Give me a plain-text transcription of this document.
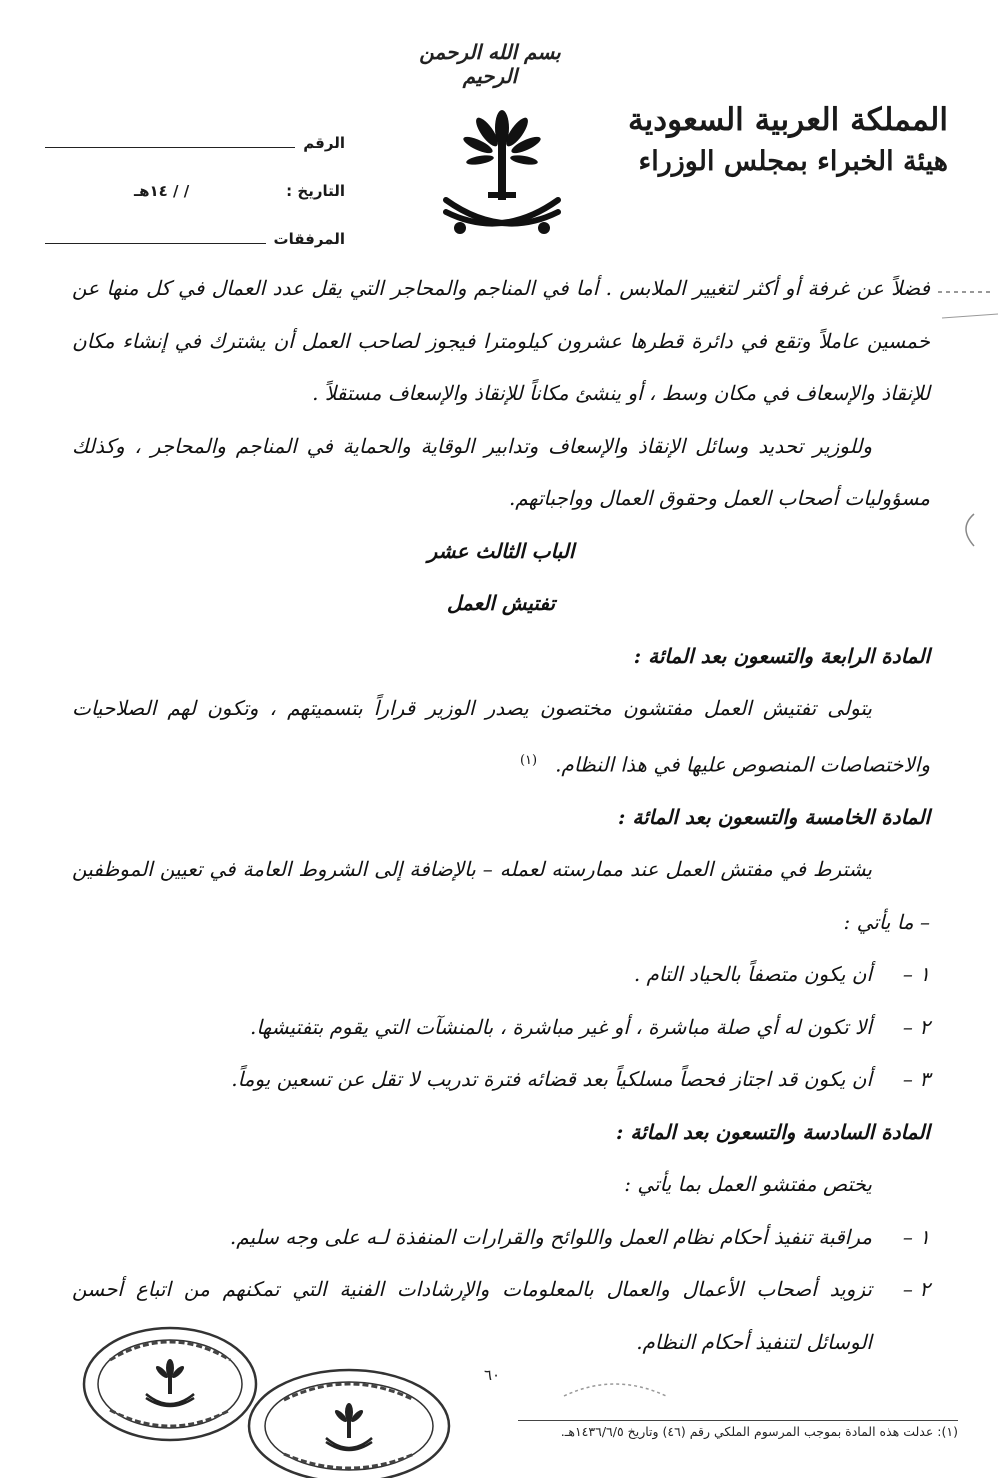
بسم الله الرحمن الرحيم
المملكة العربية السعودية
هيئة الخبراء بمجلس الوزراء
الرقم
التاريخ :
/ / ١٤هـ
المرفقات

فضلاً عن غرفة أو أكثر لتغيير الملابس . أما في المناجم والمحاجر التي يقل عدد العمال في كل منها عن خمسين عاملاً وتقع في دائرة قطرها عشرون كيلومترا فيجوز لصاحب العمل أن يشترك في إنشاء مكان للإنقاذ والإسعاف في مكان وسط ، أو ينشئ مكاناً للإنقاذ والإسعاف مستقلاً .

وللوزير تحديد وسائل الإنقاذ والإسعاف وتدابير الوقاية والحماية في المناجم والمحاجر ، وكذلك مسؤوليات أصحاب العمل وحقوق العمال وواجباتهم.

الباب الثالث عشر

تفتيش العمل

المادة الرابعة والتسعون بعد المائة :

يتولى تفتيش العمل مفتشون مختصون يصدر الوزير قراراً بتسميتهم ، وتكون لهم الصلاحيات والاختصاصات المنصوص عليها في هذا النظام.$^{(١)}$

المادة الخامسة والتسعون بعد المائة :

يشترط في مفتش العمل عند ممارسته لعمله – بالإضافة إلى الشروط العامة في تعيين الموظفين – ما يأتي :

١ –
أن يكون متصفاً بالحياد التام .
٢ –
ألا تكون له أي صلة مباشرة ، أو غير مباشرة ، بالمنشآت التي يقوم بتفتيشها.
٣ –
أن يكون قد اجتاز فحصاً مسلكياً بعد قضائه فترة تدريب لا تقل عن تسعين يوماً.

المادة السادسة والتسعون بعد المائة :

يختص مفتشو العمل بما يأتي :

١ –
مراقبة تنفيذ أحكام نظام العمل واللوائح والقرارات المنفذة لـه على وجه سليم.
٢ –
تزويد أصحاب الأعمال والعمال بالمعلومات والإرشادات الفنية التي تمكنهم من اتباع أحسن الوسائل لتنفيذ أحكام النظام.
٦٠
(١): عدلت هذه المادة بموجب المرسوم الملكي رقم (٤٦) وتاريخ ١٤٣٦/٦/٥هـ.
